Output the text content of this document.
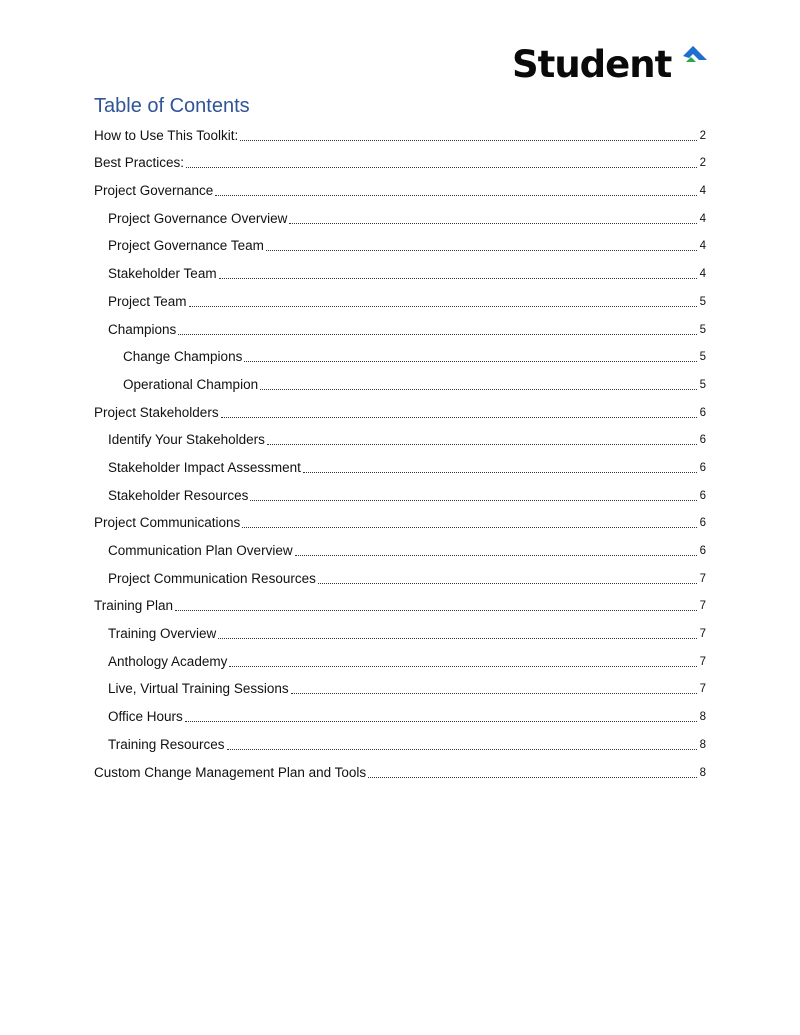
Student
Table of Contents
How to Use This Toolkit:	2
Best Practices:	2
Project Governance	4
Project Governance Overview	4
Project Governance Team	4
Stakeholder Team	4
Project Team	5
Champions	5
Change Champions	5
Operational Champion	5
Project Stakeholders	6
Identify Your Stakeholders	6
Stakeholder Impact Assessment	6
Stakeholder Resources	6
Project Communications	6
Communication Plan Overview	6
Project Communication Resources	7
Training Plan	7
Training Overview	7
Anthology Academy	7
Live, Virtual Training Sessions	7
Office Hours	8
Training Resources	8
Custom Change Management Plan and Tools	8
